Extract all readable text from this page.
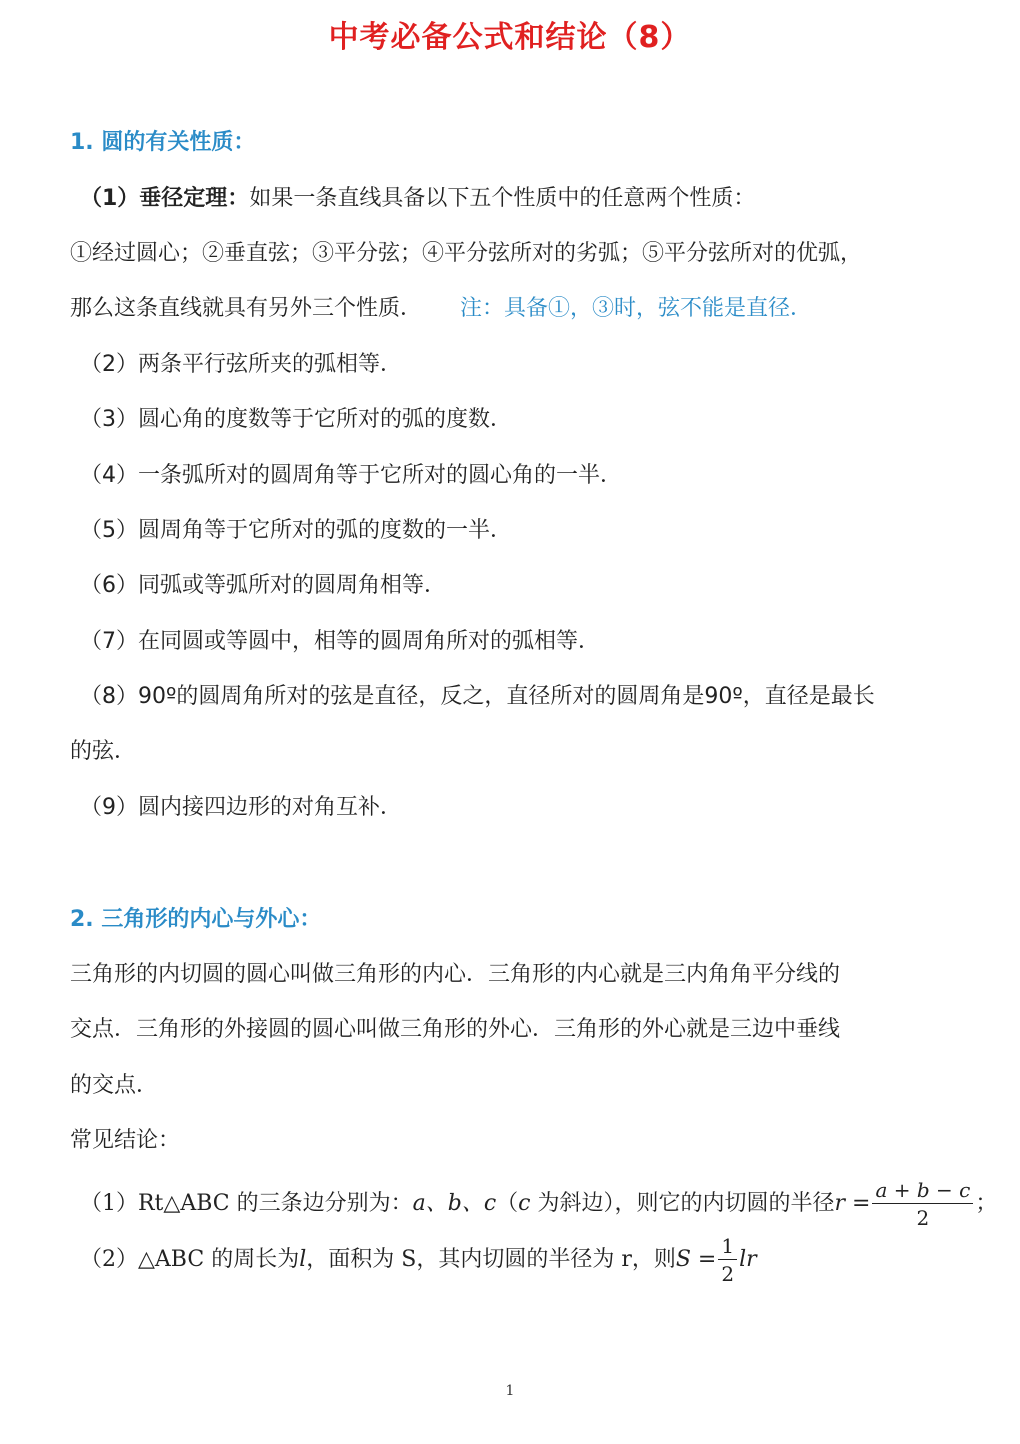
中考必备公式和结论（8）
1. 圆的有关性质：
（1）垂径定理：如果一条直线具备以下五个性质中的任意两个性质：
①经过圆心；②垂直弦；③平分弦；④平分弦所对的劣弧；⑤平分弦所对的优弧，
那么这条直线就具有另外三个性质． 注：具备①，③时，弦不能是直径．
（2）两条平行弦所夹的弧相等．
（3）圆心角的度数等于它所对的弧的度数．
（4）一条弧所对的圆周角等于它所对的圆心角的一半．
（5）圆周角等于它所对的弧的度数的一半．
（6）同弧或等弧所对的圆周角相等．
（7）在同圆或等圆中，相等的圆周角所对的弧相等．
（8）90º的圆周角所对的弦是直径，反之，直径所对的圆周角是90º，直径是最长
的弦．
（9）圆内接四边形的对角互补．
2. 三角形的内心与外心：
三角形的内切圆的圆心叫做三角形的内心．三角形的内心就是三内角角平分线的
交点．三角形的外接圆的圆心叫做三角形的外心．三角形的外心就是三边中垂线
的交点．
常见结论：
（1）Rt△ABC 的三条边分别为：a、b、c（c 为斜边），则它的内切圆的半径$r = \frac{a + b - c}{2}$ ；
（2）△ABC 的周长为l，面积为 S，其内切圆的半径为 r，则$S = \frac{1}{2}$ lr
1
